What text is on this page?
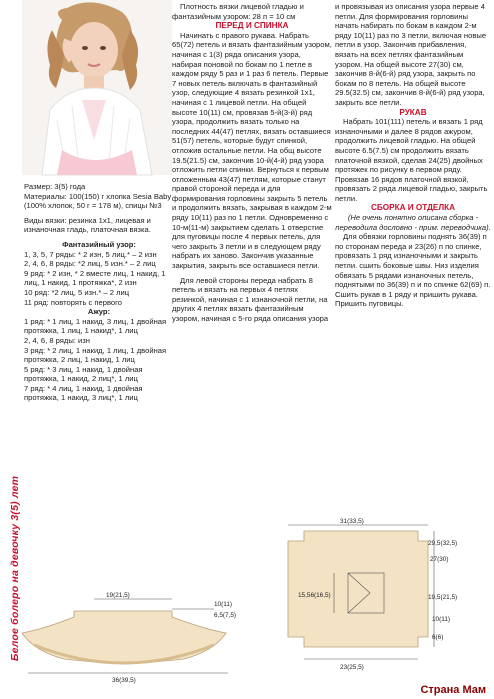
Белое болеро на девочку 3(5) лет

Размер: 3(5) года

Материалы: 100(150) г хлопка Sesia Baby (100% хлопок, 50 г = 178 м), спицы №3

Виды вязки: резинка 1х1, лицевая и изнаночная гладь, платочная вязка.

Фантазийный узор:

1, 3, 5, 7 ряды: * 2 изн, 5 лиц.* – 2 изн

2, 4, 6, 8 ряды: *2 лиц, 5 изн.* – 2 лиц

9 ряд: * 2 изн, * 2 вместе лиц, 1 накид, 1 лиц, 1 накид, 1 протяжка*, 2 изн

10 ряд: *2 лиц, 5 изн.* – 2 лиц

11 ряд: повторять с первого

Ажур:

1 ряд: * 1 лиц, 1 накид, 3 лиц, 1 двойная протяжка, 1 лиц, 1 накид*, 1 лиц

2, 4, 6, 8 ряды: изн

3 ряд: * 2 лиц, 1 накид, 1 лиц, 1 двойная протяжка, 2 лиц, 1 накид, 1 лиц

5 ряд: * 3 лиц, 1 накид, 1 двойная протяжка, 1 накид, 2 лиц*, 1 лиц

7 ряд: * 4 лиц, 1 накид, 1 двойная протяжка, 1 накид, 3 лиц*, 1 лиц

Плотность вязки лицевой гладью и фантазийным узором: 28 п = 10 см

ПЕРЕД И СПИНКА

Начинать с правого рукава. Набрать 65(72) петель и вязать фантазийным узором, начиная с 1(3) ряда описания узора, набирая поновой по бокам по 1 петле в каждом ряду 5 раз и 1 раз 6 петель. Первые 7 новых петель включать в фантазийный узор, следующие 4 вязать резинкой 1х1, начиная с 1 лицевой петли. На общей высоте 10(11) см, провязав 5-й(3-й) ряд узора, продолжить вязать только на последних 44(47) петлях, вязать оставшиеся 51(57) петель, которые будут спинкой, отложив остальные петли. На общ высоте 19.5(21.5) см, закончив 10-й(4-й) ряд узора отложить петли спинки. Вернуться к первым отложенным 43(47) петлям, которые станут правой стороной переда и для формирования горловины закрыть 5 петель и продолжить вязать, закрывая в каждом 2-м ряду 10(11) раз по 1 петли. Одновременно с 10-м(11-м) закрытием сделать 1 отверстие для пуговицы после 4 первых петель, для чего закрыть 3 петли и в следующем ряду набрать их заново. Закончив указанные закрытия, закрыть все оставшиеся петли.

Для левой стороны переда набрать 8 петель и вязать на первых 4 петлях резинкой, начиная с 1 изнаночной петли, на других 4 петлях вязать фантазийным узором, начиная с 5-го ряда описания узора

и провязывая из описания узора первые 4 петли. Для формирования горловины начать набирать по бокам в каждом 2-м ряду 10(11) раз по 3 петли, включая новые петли в узор. Закончив прибавления, вязать на всех петлях фантазийным узором. На общей высоте 27(30) см, закончив 8-й(6-й) ряд узора, закрыть по бокам по 8 петель. На общей высоте 29.5(32.5) см, закончив 8-й(6-й) ряд узора, закрыть все петли.

РУКАВ

Набрать 101(111) петель и вязать 1 ряд изнаночными и далее 8 рядов ажуром, продолжить лицевой гладью. На общей высоте 6.5(7.5) см продолжить вязать платочной вязкой, сделав 24(25) двойных протяжек по рисунку в первом ряду. Провязав 16 рядов платочной вязкой, провязать 2 ряда лицевой гладью, закрыть петли.

СБОРКА И ОТДЕЛКА

(Не очень понятно описана сборка - переводила дословно - прим. переводчика).

Для обвязки горловины поднять 36(39) п по сторонам переда и 23(26) п по спинке, провязать 1 ряд изнаночными и закрыть петли. сшить боковые швы. Низ изделия обвязать 5 рядами изнаночных петель, поднятыми по 36(39) п и по спинке 62(69) п. Сшить рукав в 1 ряду и пришить рукава. Пришить пуговицы.

19(21,5)
10(11)
6,5(7,5)
36(39,5)
31(33,5)
15,56(16,5)
29,5(32,5)
27(30)
19,5(21,5)
10(11)
6(6)
23(25,5)
Страна Мам
